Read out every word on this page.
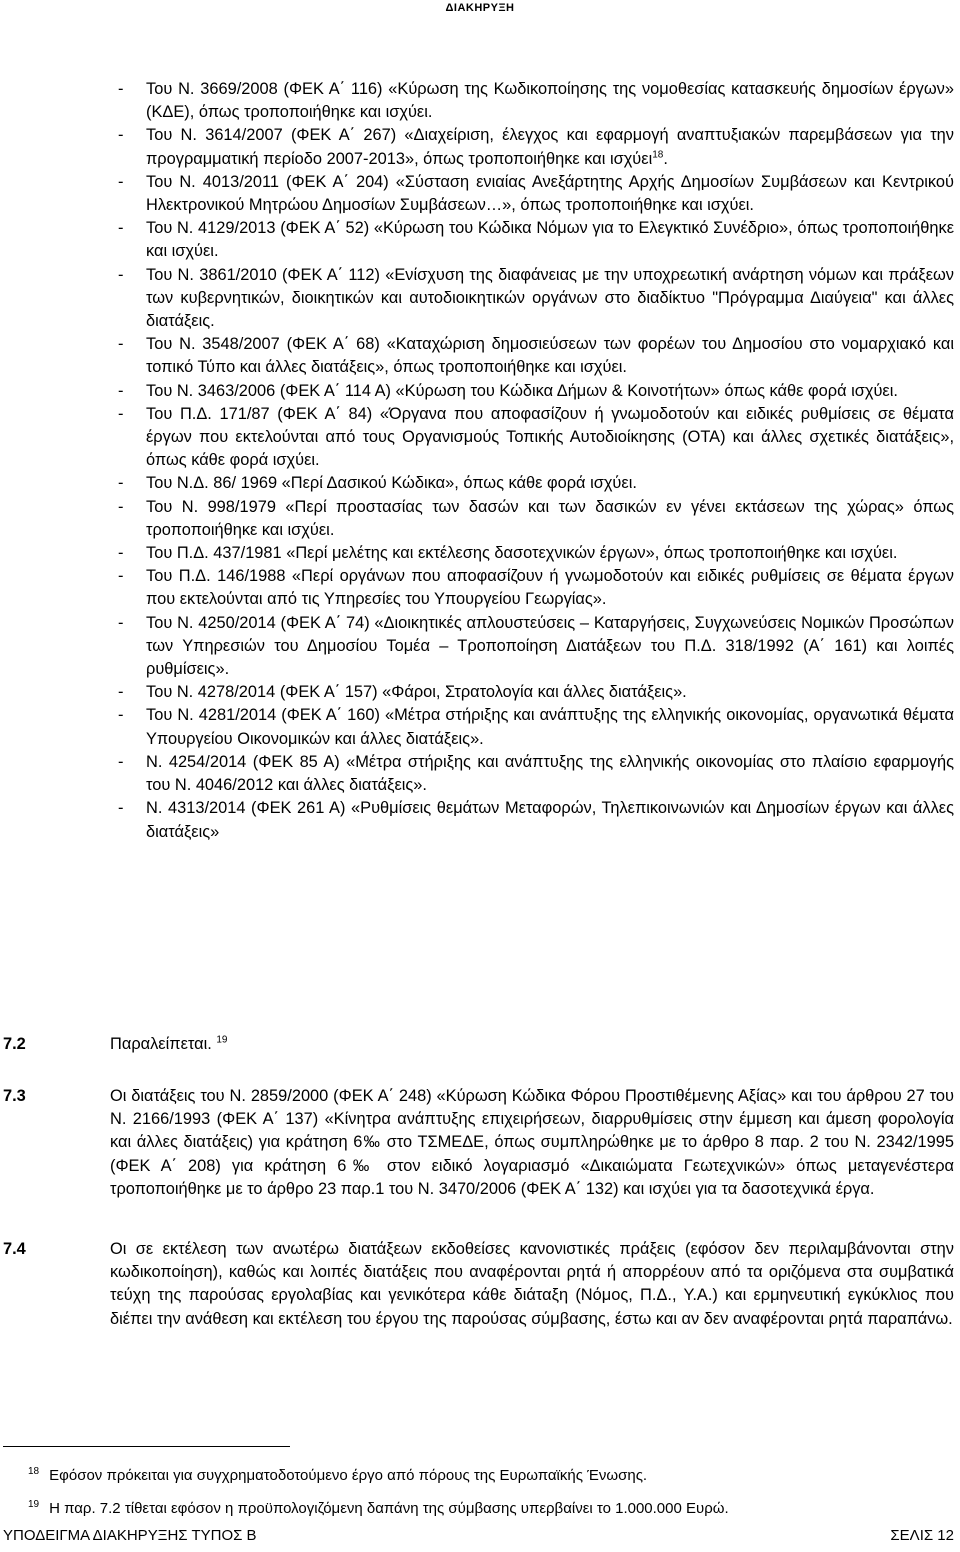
ΔΙΑΚΗΡΥΞΗ
- Του Ν. 3669/2008 (ΦΕΚ Α΄ 116) «Κύρωση της Κωδικοποίησης της νομοθεσίας κατασκευής δημοσίων έργων» (ΚΔΕ), όπως τροποποιήθηκε και ισχύει.
- Του Ν. 3614/2007 (ΦΕΚ Α΄ 267) «Διαχείριση, έλεγχος και εφαρμογή αναπτυξιακών παρεμβάσεων για την προγραμματική περίοδο 2007-2013», όπως τροποποιήθηκε και ισχύει$^{18}$.
- Του Ν. 4013/2011 (ΦΕΚ Α΄ 204) «Σύσταση ενιαίας Ανεξάρτητης Αρχής Δημοσίων Συμβάσεων και Κεντρικού Ηλεκτρονικού Μητρώου Δημοσίων Συμβάσεων…», όπως τροποποιήθηκε και ισχύει.
- Του Ν. 4129/2013 (ΦΕΚ Α΄ 52) «Κύρωση του Κώδικα Νόμων για το Ελεγκτικό Συνέδριο», όπως τροποποιήθηκε και ισχύει.
- Του Ν. 3861/2010 (ΦΕΚ Α΄ 112) «Ενίσχυση της διαφάνειας με την υποχρεωτική ανάρτηση νόμων και πράξεων των κυβερνητικών, διοικητικών και αυτοδιοικητικών οργάνων στο διαδίκτυο "Πρόγραμμα Διαύγεια" και άλλες διατάξεις.
- Του Ν. 3548/2007 (ΦΕΚ Α΄ 68) «Καταχώριση δημοσιεύσεων των φορέων του Δημοσίου στο νομαρχιακό και τοπικό Τύπο και άλλες διατάξεις», όπως τροποποιήθηκε και ισχύει.
- Του Ν. 3463/2006 (ΦΕΚ Α΄ 114 Α) «Κύρωση του Κώδικα Δήμων & Κοινοτήτων» όπως κάθε φορά ισχύει.
- Του Π.Δ. 171/87 (ΦΕΚ Α΄ 84) «Όργανα που αποφασίζουν ή γνωμοδοτούν και ειδικές ρυθμίσεις σε θέματα έργων που εκτελούνται από τους Οργανισμούς Τοπικής Αυτοδιοίκησης (ΟΤΑ) και άλλες σχετικές διατάξεις», όπως κάθε φορά ισχύει.
- Του Ν.Δ. 86/ 1969 «Περί Δασικού Κώδικα», όπως κάθε φορά ισχύει.
- Του Ν. 998/1979 «Περί προστασίας των δασών και των δασικών εν γένει εκτάσεων της χώρας» όπως τροποποιήθηκε και ισχύει.
- Του Π.Δ. 437/1981 «Περί μελέτης και εκτέλεσης δασοτεχνικών έργων», όπως τροποποιήθηκε και ισχύει.
- Του Π.Δ. 146/1988 «Περί οργάνων που αποφασίζουν ή γνωμοδοτούν και ειδικές ρυθμίσεις σε θέματα έργων που εκτελούνται από τις Υπηρεσίες του Υπουργείου Γεωργίας».
- Του Ν. 4250/2014 (ΦΕΚ Α΄ 74) «Διοικητικές απλουστεύσεις – Καταργήσεις, Συγχωνεύσεις Νομικών Προσώπων των Υπηρεσιών του Δημοσίου Τομέα – Τροποποίηση Διατάξεων του Π.Δ. 318/1992 (Α΄ 161) και λοιπές ρυθμίσεις».
- Του Ν. 4278/2014 (ΦΕΚ Α΄ 157) «Φάροι, Στρατολογία και άλλες διατάξεις».
- Του Ν. 4281/2014 (ΦΕΚ Α΄ 160) «Μέτρα στήριξης και ανάπτυξης της ελληνικής οικονομίας, οργανωτικά θέματα Υπουργείου Οικονομικών και άλλες διατάξεις».
- Ν. 4254/2014 (ΦΕΚ 85 Α) «Μέτρα στήριξης και ανάπτυξης της ελληνικής οικονομίας στο πλαίσιο εφαρμογής του Ν. 4046/2012 και άλλες διατάξεις».
- Ν. 4313/2014 (ΦΕΚ 261 Α) «Ρυθμίσεις θεμάτων Μεταφορών, Τηλεπικοινωνιών και Δημοσίων έργων και άλλες διατάξεις»
7.2	Παραλείπεται. $^{19}$
7.3	Οι διατάξεις του Ν. 2859/2000 (ΦΕΚ Α΄ 248) «Κύρωση Κώδικα Φόρου Προστιθέμενης Αξίας» και του άρθρου 27 του Ν. 2166/1993 (ΦΕΚ Α΄ 137) «Κίνητρα ανάπτυξης επιχειρήσεων, διαρρυθμίσεις στην έμμεση και άμεση φορολογία και άλλες διατάξεις) για κράτηση 6‰ στο ΤΣΜΕΔΕ, όπως συμπληρώθηκε με το άρθρο 8 παρ. 2 του Ν. 2342/1995 (ΦΕΚ Α΄ 208) για κράτηση 6‰ στον ειδικό λογαριασμό «Δικαιώματα Γεωτεχνικών» όπως μεταγενέστερα τροποποιήθηκε με το άρθρο 23 παρ.1 του Ν. 3470/2006 (ΦΕΚ Α΄ 132) και ισχύει για τα δασοτεχνικά έργα.
7.4	Οι σε εκτέλεση των ανωτέρω διατάξεων εκδοθείσες κανονιστικές πράξεις (εφόσον δεν περιλαμβάνονται στην κωδικοποίηση), καθώς και λοιπές διατάξεις που αναφέρονται ρητά ή απορρέουν από τα οριζόμενα στα συμβατικά τεύχη της παρούσας εργολαβίας και γενικότερα κάθε διάταξη (Νόμος, Π.Δ., Υ.Α.) και ερμηνευτική εγκύκλιος που διέπει την ανάθεση και εκτέλεση του έργου της παρούσας σύμβασης, έστω και αν δεν αναφέρονται ρητά παραπάνω.
$^{18}$ Εφόσον πρόκειται για συγχρηματοδοτούμενο έργο από πόρους της Ευρωπαϊκής Ένωσης.
$^{19}$ Η παρ. 7.2 τίθεται εφόσον η προϋπολογιζόμενη δαπάνη της σύμβασης υπερβαίνει το 1.000.000 Ευρώ.
ΥΠΟΔΕΙΓΜΑ ΔΙΑΚΗΡΥΞΗΣ ΤΥΠΟΣ Β	ΣΕΛΙΣ 12
